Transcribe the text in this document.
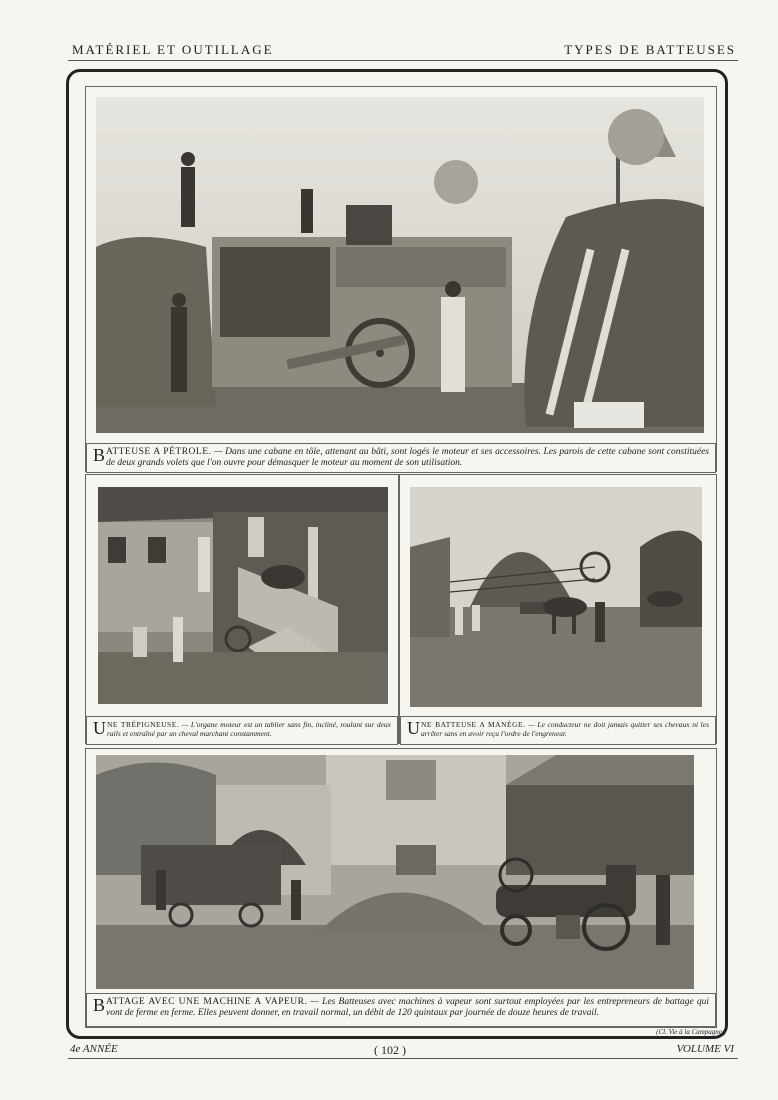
MATÉRIEL ET OUTILLAGE	TYPES DE BATTEUSES
BATTEUSE A PÉTROLE. — Dans une cabane en tôle, attenant au bâti, sont logés le moteur et ses accessoires. Les parois de cette cabane sont constituées de deux grands volets que l'on ouvre pour démasquer le moteur au moment de son utilisation.
UNE TRÉPIGNEUSE. — L'organe moteur est un tablier sans fin, incliné, roulant sur deux rails et entraîné par un cheval marchant constamment.	UNE BATTEUSE A MANÈGE. — Le conducteur ne doit jamais quitter ses chevaux ni les arrêter sans en avoir reçu l'ordre de l'engreneur.
BATTAGE AVEC UNE MACHINE A VAPEUR. — Les Batteuses avec machines à vapeur sont surtout employées par les entrepreneurs de battage qui vont de ferme en ferme. Elles peuvent donner, en travail normal, un débit de 120 quintaux par journée de douze heures de travail.
(Cl. Vie à la Campagne.)
4e ANNÉE	( 102 )	VOLUME VI
